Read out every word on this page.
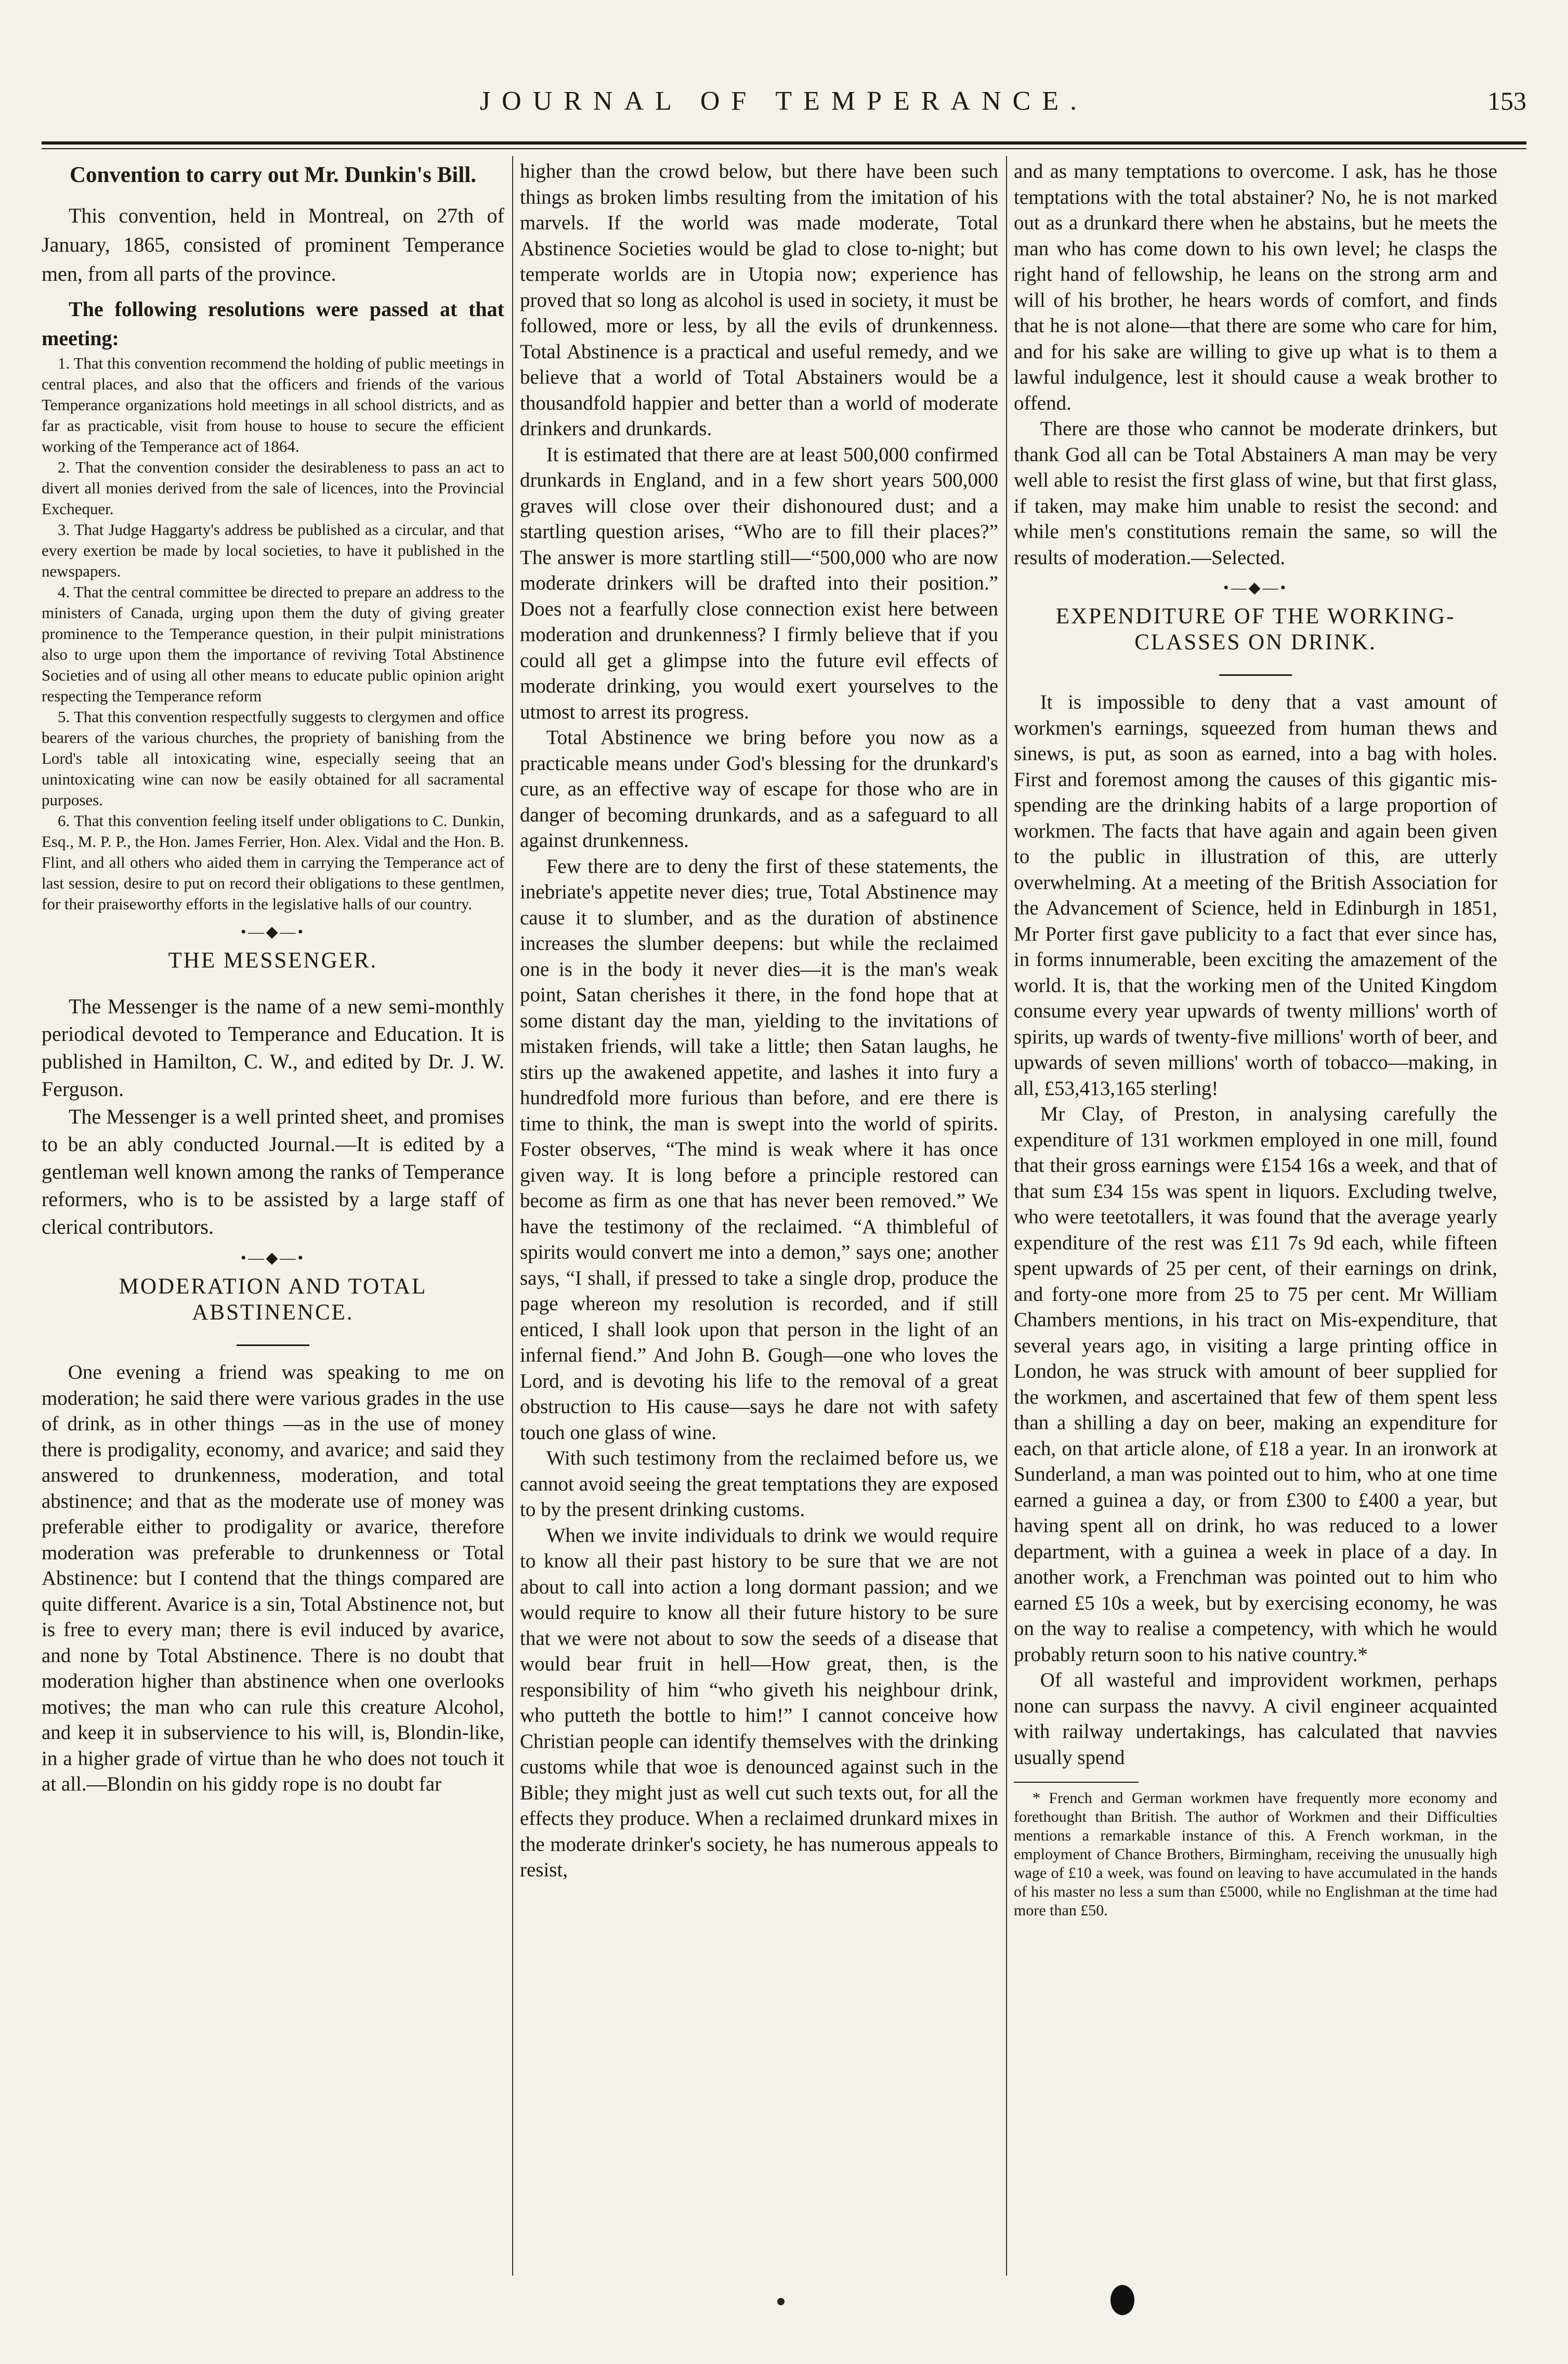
JOURNAL OF TEMPERANCE.	153
Convention to carry out Mr. Dunkin's Bill.

This convention, held in Montreal, on 27th of January, 1865, consisted of prominent Temperance men, from all parts of the province.

The following resolutions were passed at that meeting:

1. That this convention recommend the holding of public meetings in central places, and also that the officers and friends of the various Temperance organizations hold meetings in all school districts, and as far as practicable, visit from house to house to secure the efficient working of the Temperance act of 1864.

2. That the convention consider the desirableness to pass an act to divert all monies derived from the sale of licences, into the Provincial Exchequer.

3. That Judge Haggarty's address be published as a circular, and that every exertion be made by local societies, to have it published in the newspapers.

4. That the central committee be directed to prepare an address to the ministers of Canada, urging upon them the duty of giving greater prominence to the Temperance question, in their pulpit ministrations also to urge upon them the importance of reviving Total Abstinence Societies and of using all other means to educate public opinion aright respecting the Temperance reform

5. That this convention respectfully suggests to clergymen and office bearers of the various churches, the propriety of banishing from the Lord's table all intoxicating wine, especially seeing that an unintoxicating wine can now be easily obtained for all sacramental purposes.

6. That this convention feeling itself under obligations to C. Dunkin, Esq., M. P. P., the Hon. James Ferrier, Hon. Alex. Vidal and the Hon. B. Flint, and all others who aided them in carrying the Temperance act of last session, desire to put on record their obligations to these gentlmen, for their praiseworthy efforts in the legislative halls of our country.

•—◆—•
THE MESSENGER.

The Messenger is the name of a new semi-monthly periodical devoted to Temperance and Education. It is published in Hamilton, C. W., and edited by Dr. J. W. Ferguson.

The Messenger is a well printed sheet, and promises to be an ably conducted Journal.—It is edited by a gentleman well known among the ranks of Temperance reformers, who is to be assisted by a large staff of clerical contributors.

•—◆—•
MODERATION AND TOTAL ABSTINENCE.

One evening a friend was speaking to me on moderation; he said there were various grades in the use of drink, as in other things —as in the use of money there is prodigality, economy, and avarice; and said they answered to drunkenness, moderation, and total abstinence; and that as the moderate use of money was preferable either to prodigality or avarice, therefore moderation was preferable to drunkenness or Total Abstinence: but I contend that the things compared are quite different. Avarice is a sin, Total Abstinence not, but is free to every man; there is evil induced by avarice, and none by Total Abstinence. There is no doubt that moderation higher than abstinence when one overlooks motives; the man who can rule this creature Alcohol, and keep it in subservience to his will, is, Blondin-like, in a higher grade of virtue than he who does not touch it at all.—Blondin on his giddy rope is no doubt far

higher than the crowd below, but there have been such things as broken limbs resulting from the imitation of his marvels. If the world was made moderate, Total Abstinence Societies would be glad to close to-night; but temperate worlds are in Utopia now; experience has proved that so long as alcohol is used in society, it must be followed, more or less, by all the evils of drunkenness. Total Abstinence is a practical and useful remedy, and we believe that a world of Total Abstainers would be a thousandfold happier and better than a world of moderate drinkers and drunkards.

It is estimated that there are at least 500,000 confirmed drunkards in England, and in a few short years 500,000 graves will close over their dishonoured dust; and a startling question arises, “Who are to fill their places?” The answer is more startling still—“500,000 who are now moderate drinkers will be drafted into their position.” Does not a fearfully close connection exist here between moderation and drunkenness? I firmly believe that if you could all get a glimpse into the future evil effects of moderate drinking, you would exert yourselves to the utmost to arrest its progress.

Total Abstinence we bring before you now as a practicable means under God's blessing for the drunkard's cure, as an effective way of escape for those who are in danger of becoming drunkards, and as a safeguard to all against drunkenness.

Few there are to deny the first of these statements, the inebriate's appetite never dies; true, Total Abstinence may cause it to slumber, and as the duration of abstinence increases the slumber deepens: but while the reclaimed one is in the body it never dies—it is the man's weak point, Satan cherishes it there, in the fond hope that at some distant day the man, yielding to the invitations of mistaken friends, will take a little; then Satan laughs, he stirs up the awakened appetite, and lashes it into fury a hundredfold more furious than before, and ere there is time to think, the man is swept into the world of spirits. Foster observes, “The mind is weak where it has once given way. It is long before a principle restored can become as firm as one that has never been removed.” We have the testimony of the reclaimed. “A thimbleful of spirits would convert me into a demon,” says one; another says, “I shall, if pressed to take a single drop, produce the page whereon my resolution is recorded, and if still enticed, I shall look upon that person in the light of an infernal fiend.” And John B. Gough—one who loves the Lord, and is devoting his life to the removal of a great obstruction to His cause—says he dare not with safety touch one glass of wine.

With such testimony from the reclaimed before us, we cannot avoid seeing the great temptations they are exposed to by the present drinking customs.

When we invite individuals to drink we would require to know all their past history to be sure that we are not about to call into action a long dormant passion; and we would require to know all their future history to be sure that we were not about to sow the seeds of a disease that would bear fruit in hell—How great, then, is the responsibility of him “who giveth his neighbour drink, who putteth the bottle to him!” I cannot conceive how Christian people can identify themselves with the drinking customs while that woe is denounced against such in the Bible; they might just as well cut such texts out, for all the effects they produce. When a reclaimed drunkard mixes in the moderate drinker's society, he has numerous appeals to resist,

and as many temptations to overcome. I ask, has he those temptations with the total abstainer? No, he is not marked out as a drunkard there when he abstains, but he meets the man who has come down to his own level; he clasps the right hand of fellowship, he leans on the strong arm and will of his brother, he hears words of comfort, and finds that he is not alone—that there are some who care for him, and for his sake are willing to give up what is to them a lawful indulgence, lest it should cause a weak brother to offend.

There are those who cannot be moderate drinkers, but thank God all can be Total Abstainers A man may be very well able to resist the first glass of wine, but that first glass, if taken, may make him unable to resist the second: and while men's constitutions remain the same, so will the results of moderation.—Selected.

•—◆—•
EXPENDITURE OF THE WORKING-CLASSES ON DRINK.

It is impossible to deny that a vast amount of workmen's earnings, squeezed from human thews and sinews, is put, as soon as earned, into a bag with holes. First and foremost among the causes of this gigantic mis-spending are the drinking habits of a large proportion of workmen. The facts that have again and again been given to the public in illustration of this, are utterly overwhelming. At a meeting of the British Association for the Advancement of Science, held in Edinburgh in 1851, Mr Porter first gave publicity to a fact that ever since has, in forms innumerable, been exciting the amazement of the world. It is, that the working men of the United Kingdom consume every year upwards of twenty millions' worth of spirits, up wards of twenty-five millions' worth of beer, and upwards of seven millions' worth of tobacco—making, in all, £53,413,165 sterling!

Mr Clay, of Preston, in analysing carefully the expenditure of 131 workmen employed in one mill, found that their gross earnings were £154 16s a week, and that of that sum £34 15s was spent in liquors. Excluding twelve, who were teetotallers, it was found that the average yearly expenditure of the rest was £11 7s 9d each, while fifteen spent upwards of 25 per cent, of their earnings on drink, and forty-one more from 25 to 75 per cent. Mr William Chambers mentions, in his tract on Mis-expenditure, that several years ago, in visiting a large printing office in London, he was struck with amount of beer supplied for the workmen, and ascertained that few of them spent less than a shilling a day on beer, making an expenditure for each, on that article alone, of £18 a year. In an ironwork at Sunderland, a man was pointed out to him, who at one time earned a guinea a day, or from £300 to £400 a year, but having spent all on drink, ho was reduced to a lower department, with a guinea a week in place of a day. In another work, a Frenchman was pointed out to him who earned £5 10s a week, but by exercising economy, he was on the way to realise a competency, with which he would probably return soon to his native country.*

Of all wasteful and improvident workmen, perhaps none can surpass the navvy. A civil engineer acquainted with railway undertakings, has calculated that navvies usually spend

* French and German workmen have frequently more economy and forethought than British. The author of Workmen and their Difficulties mentions a remarkable instance of this. A French workman, in the employment of Chance Brothers, Birmingham, receiving the unusually high wage of £10 a week, was found on leaving to have accumulated in the hands of his master no less a sum than £5000, while no Englishman at the time had more than £50.
